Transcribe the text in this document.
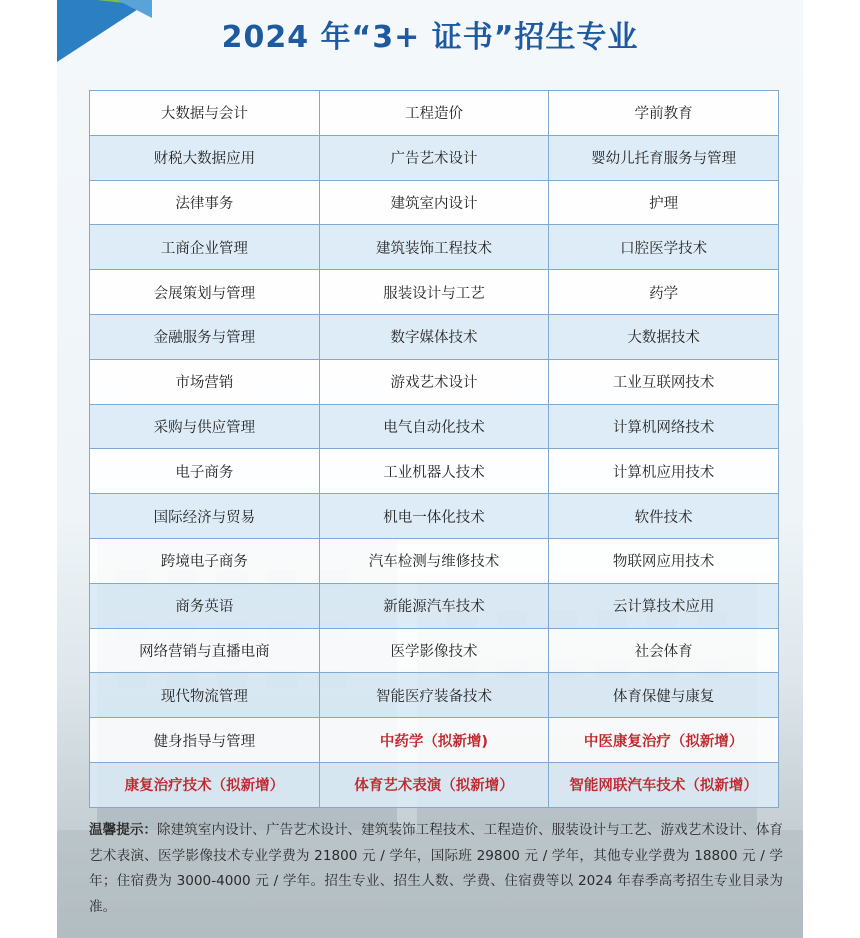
2024 年“3+ 证书”招生专业
大数据与会计	工程造价	学前教育
财税大数据应用	广告艺术设计	婴幼儿托育服务与管理
法律事务	建筑室内设计	护理
工商企业管理	建筑装饰工程技术	口腔医学技术
会展策划与管理	服装设计与工艺	药学
金融服务与管理	数字媒体技术	大数据技术
市场营销	游戏艺术设计	工业互联网技术
采购与供应管理	电气自动化技术	计算机网络技术
电子商务	工业机器人技术	计算机应用技术
国际经济与贸易	机电一体化技术	软件技术
跨境电子商务	汽车检测与维修技术	物联网应用技术
商务英语	新能源汽车技术	云计算技术应用
网络营销与直播电商	医学影像技术	社会体育
现代物流管理	智能医疗装备技术	体育保健与康复
健身指导与管理	中药学（拟新增)	中医康复治疗（拟新增）
康复治疗技术（拟新增）	体育艺术表演（拟新增）	智能网联汽车技术（拟新增）
温馨提示：除建筑室内设计、广告艺术设计、建筑装饰工程技术、工程造价、服装设计与工艺、游戏艺术设计、体育艺术表演、医学影像技术专业学费为 21800 元 / 学年，国际班 29800 元 / 学年，其他专业学费为 18800 元 / 学年；住宿费为 3000-4000 元 / 学年。招生专业、招生人数、学费、住宿费等以 2024 年春季高考招生专业目录为准。
